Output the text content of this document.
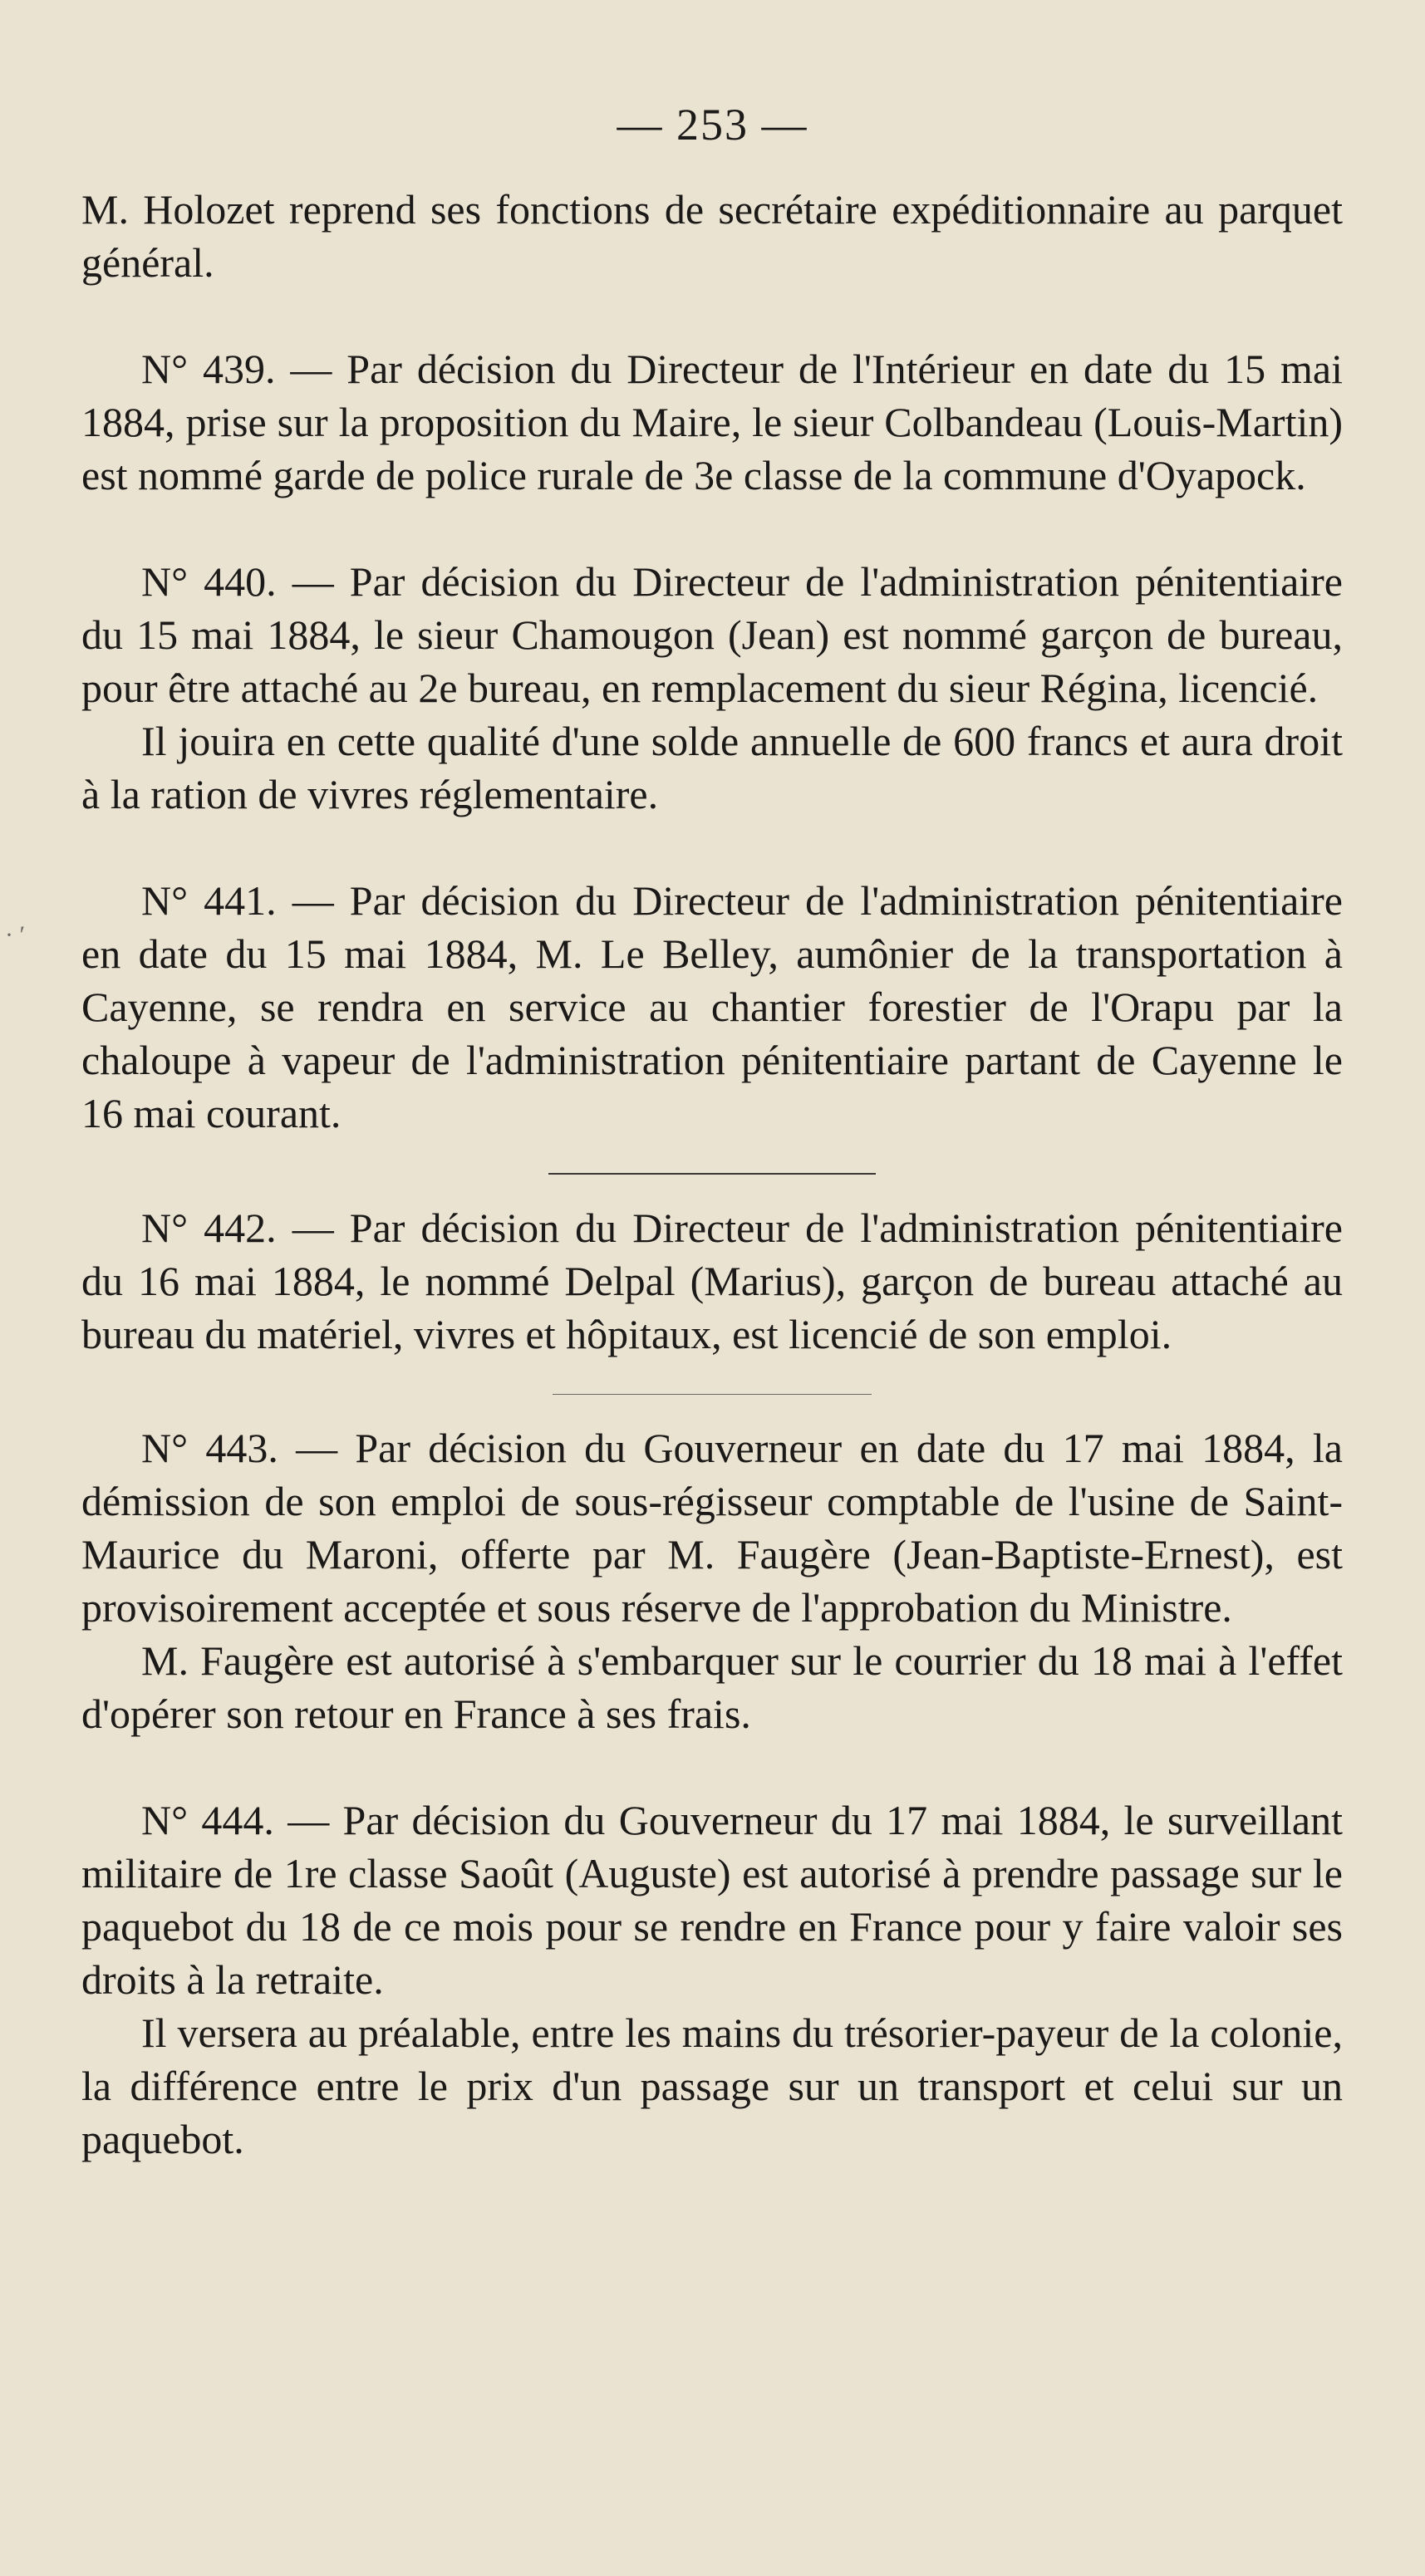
— 253 —
· ′

M. Holozet reprend ses fonctions de secrétaire expéditionnaire au parquet général.

N° 439. — Par décision du Directeur de l'Intérieur en date du 15 mai 1884, prise sur la proposition du Maire, le sieur Colbandeau (Louis-Martin) est nommé garde de police rurale de 3e classe de la commune d'Oyapock.

N° 440. — Par décision du Directeur de l'administration pénitentiaire du 15 mai 1884, le sieur Chamougon (Jean) est nommé garçon de bureau, pour être attaché au 2e bureau, en remplacement du sieur Régina, licencié.

Il jouira en cette qualité d'une solde annuelle de 600 francs et aura droit à la ration de vivres réglementaire.

N° 441. — Par décision du Directeur de l'administration pénitentiaire en date du 15 mai 1884, M. Le Belley, aumônier de la transportation à Cayenne, se rendra en service au chantier forestier de l'Orapu par la chaloupe à vapeur de l'administration pénitentiaire partant de Cayenne le 16 mai courant.

N° 442. — Par décision du Directeur de l'administration pénitentiaire du 16 mai 1884, le nommé Delpal (Marius), garçon de bureau attaché au bureau du matériel, vivres et hôpitaux, est licencié de son emploi.

N° 443. — Par décision du Gouverneur en date du 17 mai 1884, la démission de son emploi de sous-régisseur comptable de l'usine de Saint-Maurice du Maroni, offerte par M. Faugère (Jean-Baptiste-Ernest), est provisoirement acceptée et sous réserve de l'approbation du Ministre.

M. Faugère est autorisé à s'embarquer sur le courrier du 18 mai à l'effet d'opérer son retour en France à ses frais.

N° 444. — Par décision du Gouverneur du 17 mai 1884, le surveillant militaire de 1re classe Saoût (Auguste) est autorisé à prendre passage sur le paquebot du 18 de ce mois pour se rendre en France pour y faire valoir ses droits à la retraite.

Il versera au préalable, entre les mains du trésorier-payeur de la colonie, la différence entre le prix d'un passage sur un transport et celui sur un paquebot.
